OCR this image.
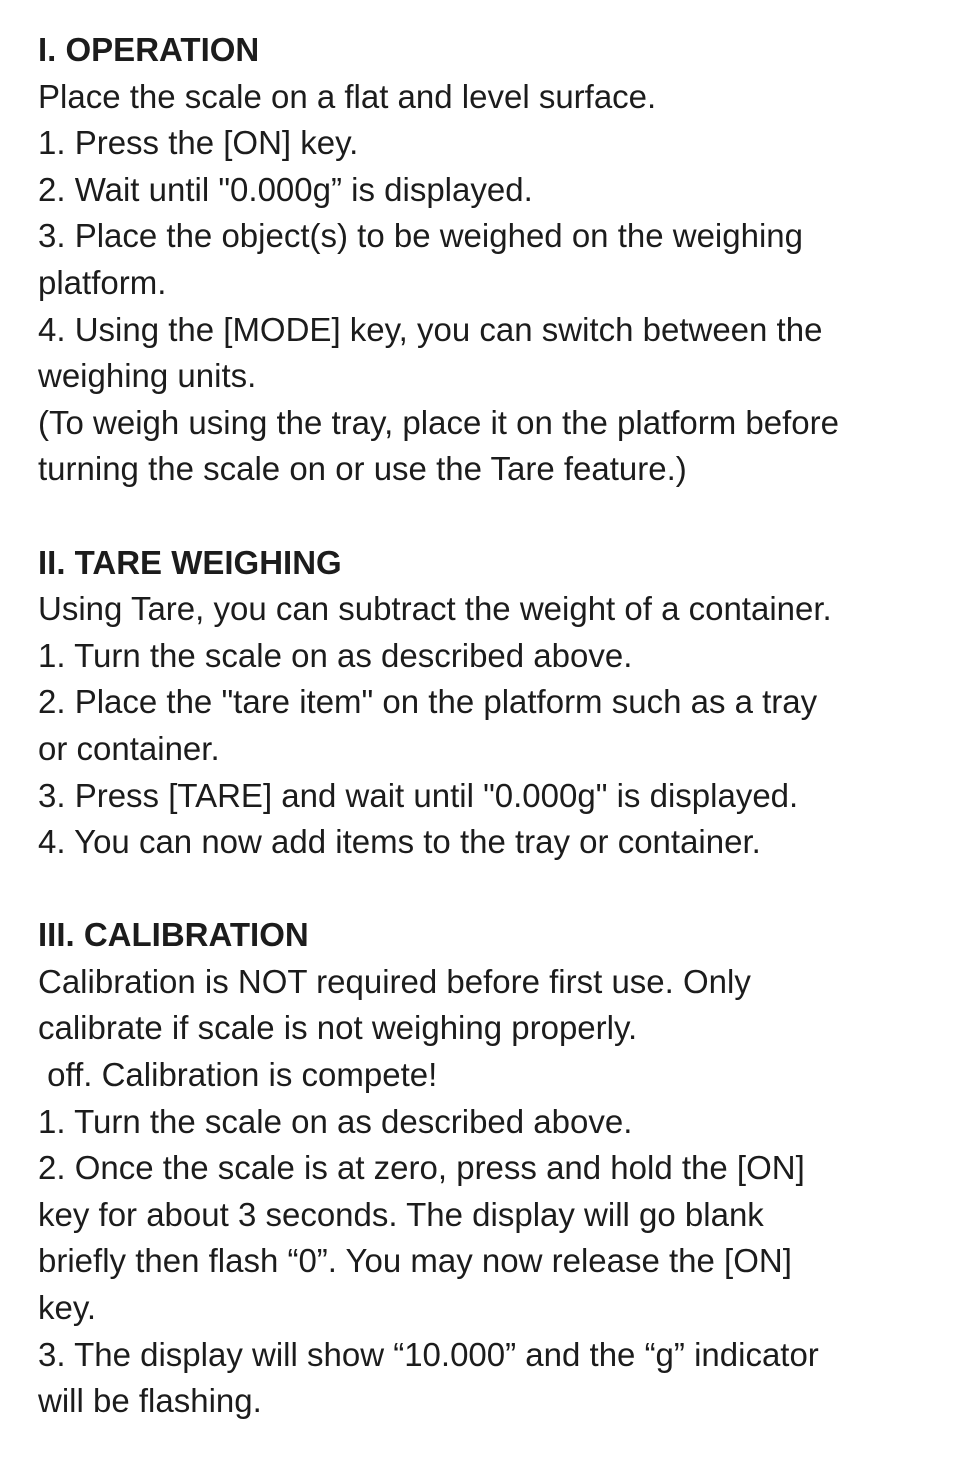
I. OPERATION
Place the scale on a flat and level surface.
1. Press the [ON] key.
2. Wait until "0.000g” is displayed.
3. Place the object(s) to be weighed on the weighing
platform.
4. Using the [MODE] key, you can switch between the
weighing units.
(To weigh using the tray, place it on the platform before
turning the scale on or use the Tare feature.)
II. TARE WEIGHING
Using Tare, you can subtract the weight of a container.
1. Turn the scale on as described above.
2. Place the "tare item" on the platform such as a tray
or container.
3. Press [TARE] and wait until "0.000g" is displayed.
4. You can now add items to the tray or container.
III. CALIBRATION
Calibration is NOT required before first use. Only
calibrate if scale is not weighing properly.
off. Calibration is compete!
1. Turn the scale on as described above.
2. Once the scale is at zero, press and hold the [ON]
key for about 3 seconds. The display will go blank
briefly then flash “0”. You may now release the [ON]
key.
3. The display will show “10.000” and the “g” indicator
will be flashing.
